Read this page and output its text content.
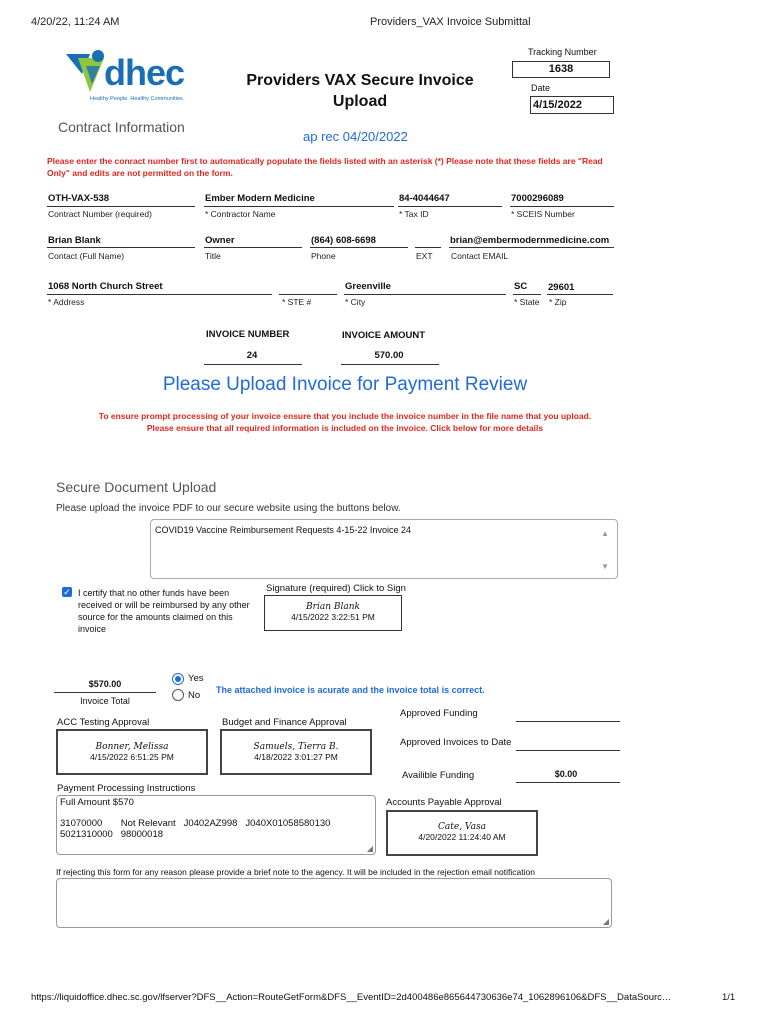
4/20/22, 11:24 AM	Providers_VAX Invoice Submittal
dhec
Healthy People. Healthy Communities.
Providers VAX Secure Invoice Upload
Tracking Number
1638
Date
4/15/2022
Contract Information
ap rec 04/20/2022
Please enter the conract number first to automatically populate the fields listed with an asterisk (*) Please note that these fields are "Read Only" and edits are not permitted on the form.
OTH-VAX-538
Contract Number (required)
Ember Modern Medicine
* Contractor Name
84-4044647
* Tax ID
7000296089
* SCEIS Number
Brian Blank
Contact (Full Name)
Owner
Title
(864) 608-6698
Phone	EXT
brian@embermodernmedicine.com
Contact EMAIL
1068 North Church Street
* Address	* STE #
Greenville
* City
SC
* State
29601
* Zip
INVOICE NUMBER
24
INVOICE AMOUNT
570.00
Please Upload Invoice for Payment Review
To ensure prompt processing of your invoice ensure that you include the invoice number in the file name that you upload.
Please ensure that all required information is included on the invoice. Click below for more details
Secure Document Upload
Please upload the invoice PDF to our secure website using the buttons below.
COVID19 Vaccine Reimbursement Requests 4-15-22 Invoice 24	▲
▼
✓ I certify that no other funds have been received or will be reimbursed by any other source for the amounts claimed on this invoice
Signature (required) Click to Sign
Brian Blank
4/15/2022 3:22:51 PM
$570.00
Invoice Total
Yes
No The attached invoice is acurate and the invoice total is correct.
ACC Testing Approval
Bonner, Melissa
4/15/2022 6:51:25 PM
Budget and Finance Approval
Samuels, Tierra B.
4/18/2022 3:01:27 PM
Approved Funding
Approved Invoices to Date
Availible Funding	$0.00
Payment Processing Instructions
Full Amount $570
31070000       Not Relevant   J0402AZ998   J040X01058580130
5021310000   98000018
◢
Accounts Payable Approval
Cate, Vasa
4/20/2022 11:24:40 AM
If rejecting this form for any reason please provide a brief note to the agency. It will be included in the rejection email notification
◢
https://liquidoffice.dhec.sc.gov/lfserver?DFS__Action=RouteGetForm&DFS__EventID=2d400486e865644730636e74_1062896106&DFS__DataSourc…	1/1
